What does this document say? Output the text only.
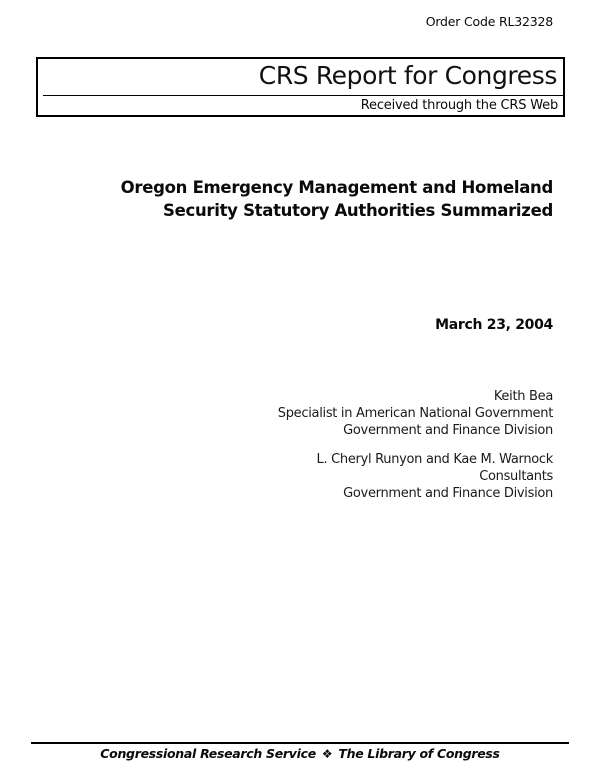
Order Code RL32328
CRS Report for Congress
Received through the CRS Web
Oregon Emergency Management and Homeland
Security Statutory Authorities Summarized
March 23, 2004
Keith Bea
Specialist in American National Government
Government and Finance Division
L. Cheryl Runyon and Kae M. Warnock
Consultants
Government and Finance Division
Congressional Research Service ❖ The Library of Congress
